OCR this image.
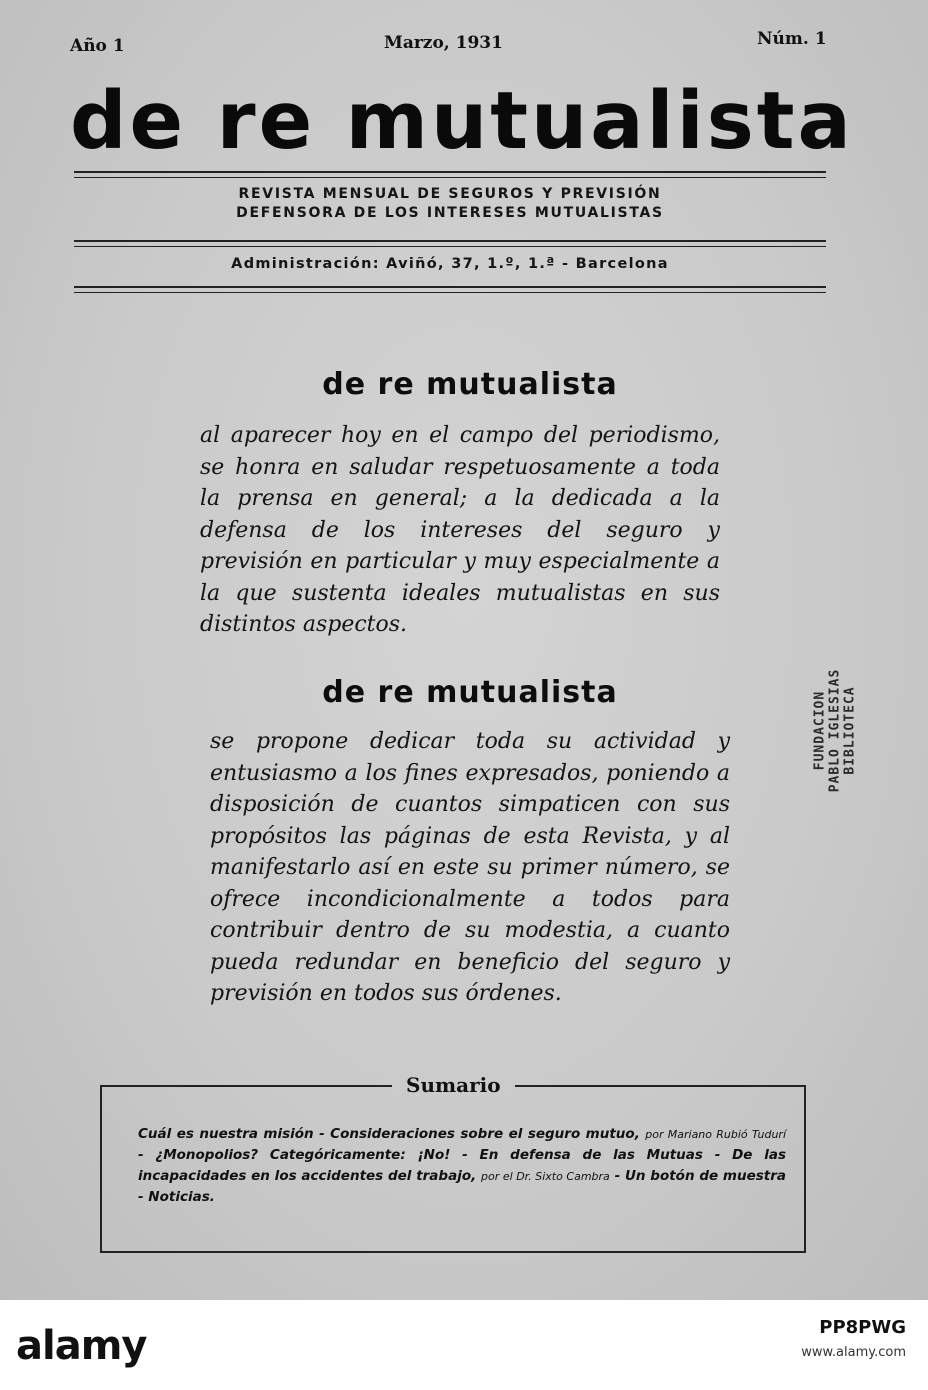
Año 1	Marzo, 1931	Núm. 1
de re mutualista
REVISTA MENSUAL DE SEGUROS Y PREVISIÓN
DEFENSORA DE LOS INTERESES MUTUALISTAS
Administración: Aviñó, 37, 1.º, 1.ª - Barcelona
de re mutualista
al aparecer hoy en el campo del periodismo, se honra en saludar respetuosamente a toda la prensa en general; a la dedicada a la defensa de los intereses del seguro y previsión en particular y muy especialmente a la que sustenta ideales mutualistas en sus distintos aspectos.
de re mutualista
se propone dedicar toda su actividad y entusiasmo a los fines expresados, poniendo a disposición de cuantos simpaticen con sus propósitos las páginas de esta Revista, y al manifestarlo así en este su primer número, se ofrece incondicionalmente a todos para contribuir dentro de su modestia, a cuanto pueda redundar en beneficio del seguro y previsión en todos sus órdenes.
FUNDACION PABLO IGLESIAS BIBLIOTECA
Sumario
Cuál es nuestra misión - Consideraciones sobre el seguro mutuo, por Mariano Rubió Tudurí - ¿Monopolios? Categóricamente: ¡No! - En defensa de las Mutuas - De las incapacidades en los accidentes del trabajo, por el Dr. Sixto Cambra - Un botón de muestra - Noticias.
alamy	PP8PWG
www.alamy.com
